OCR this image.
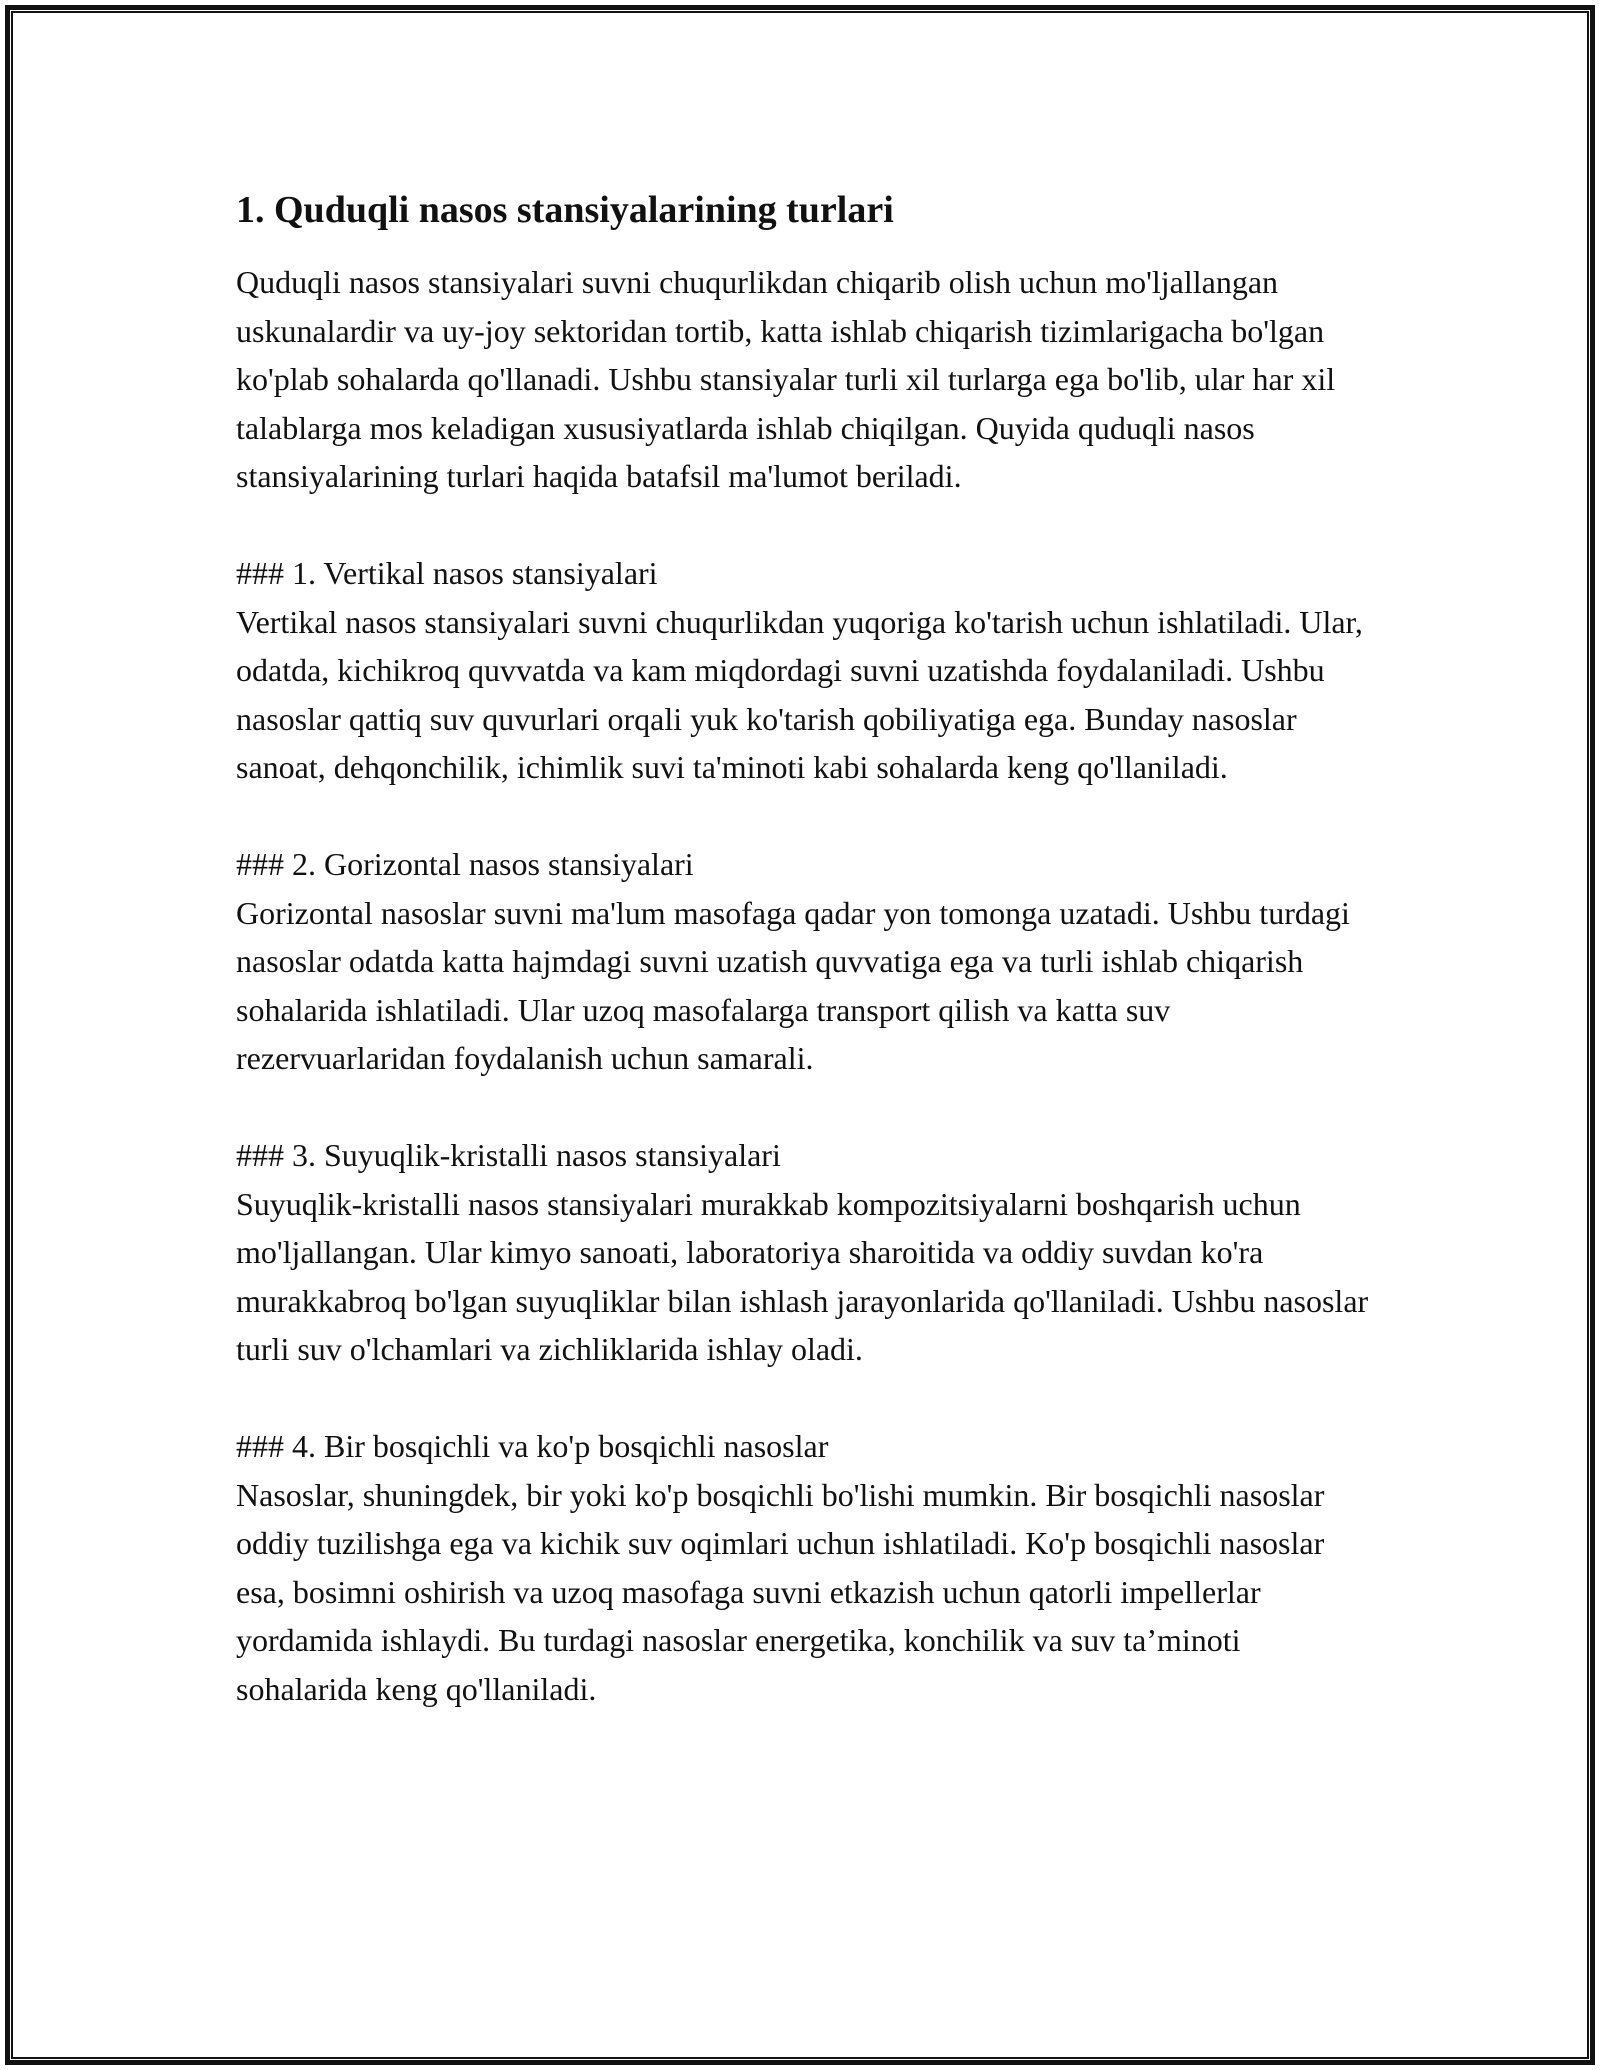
1. Quduqli nasos stansiyalarining turlari

Quduqli nasos stansiyalari suvni chuqurlikdan chiqarib olish uchun mo'ljallangan uskunalardir va uy-joy sektoridan tortib, katta ishlab chiqarish tizimlarigacha bo'lgan ko'plab sohalarda qo'llanadi. Ushbu stansiyalar turli xil turlarga ega bo'lib, ular har xil talablarga mos keladigan xususiyatlarda ishlab chiqilgan. Quyida quduqli nasos stansiyalarining turlari haqida batafsil ma'lumot beriladi.

### 1. Vertikal nasos stansiyalari

Vertikal nasos stansiyalari suvni chuqurlikdan yuqoriga ko'tarish uchun ishlatiladi. Ular, odatda, kichikroq quvvatda va kam miqdordagi suvni uzatishda foydalaniladi. Ushbu nasoslar qattiq suv quvurlari orqali yuk ko'tarish qobiliyatiga ega. Bunday nasoslar sanoat, dehqonchilik, ichimlik suvi ta'minoti kabi sohalarda keng qo'llaniladi.

### 2. Gorizontal nasos stansiyalari

Gorizontal nasoslar suvni ma'lum masofaga qadar yon tomonga uzatadi. Ushbu turdagi nasoslar odatda katta hajmdagi suvni uzatish quvvatiga ega va turli ishlab chiqarish sohalarida ishlatiladi. Ular uzoq masofalarga transport qilish va katta suv rezervuarlaridan foydalanish uchun samarali.

### 3. Suyuqlik-kristalli nasos stansiyalari

Suyuqlik-kristalli nasos stansiyalari murakkab kompozitsiyalarni boshqarish uchun mo'ljallangan. Ular kimyo sanoati, laboratoriya sharoitida va oddiy suvdan ko'ra murakkabroq bo'lgan suyuqliklar bilan ishlash jarayonlarida qo'llaniladi. Ushbu nasoslar turli suv o'lchamlari va zichliklarida ishlay oladi.

### 4. Bir bosqichli va ko'p bosqichli nasoslar

Nasoslar, shuningdek, bir yoki ko'p bosqichli bo'lishi mumkin. Bir bosqichli nasoslar oddiy tuzilishga ega va kichik suv oqimlari uchun ishlatiladi. Ko'p bosqichli nasoslar esa, bosimni oshirish va uzoq masofaga suvni etkazish uchun qatorli impellerlar yordamida ishlaydi. Bu turdagi nasoslar energetika, konchilik va suv ta’minoti sohalarida keng qo'llaniladi.
